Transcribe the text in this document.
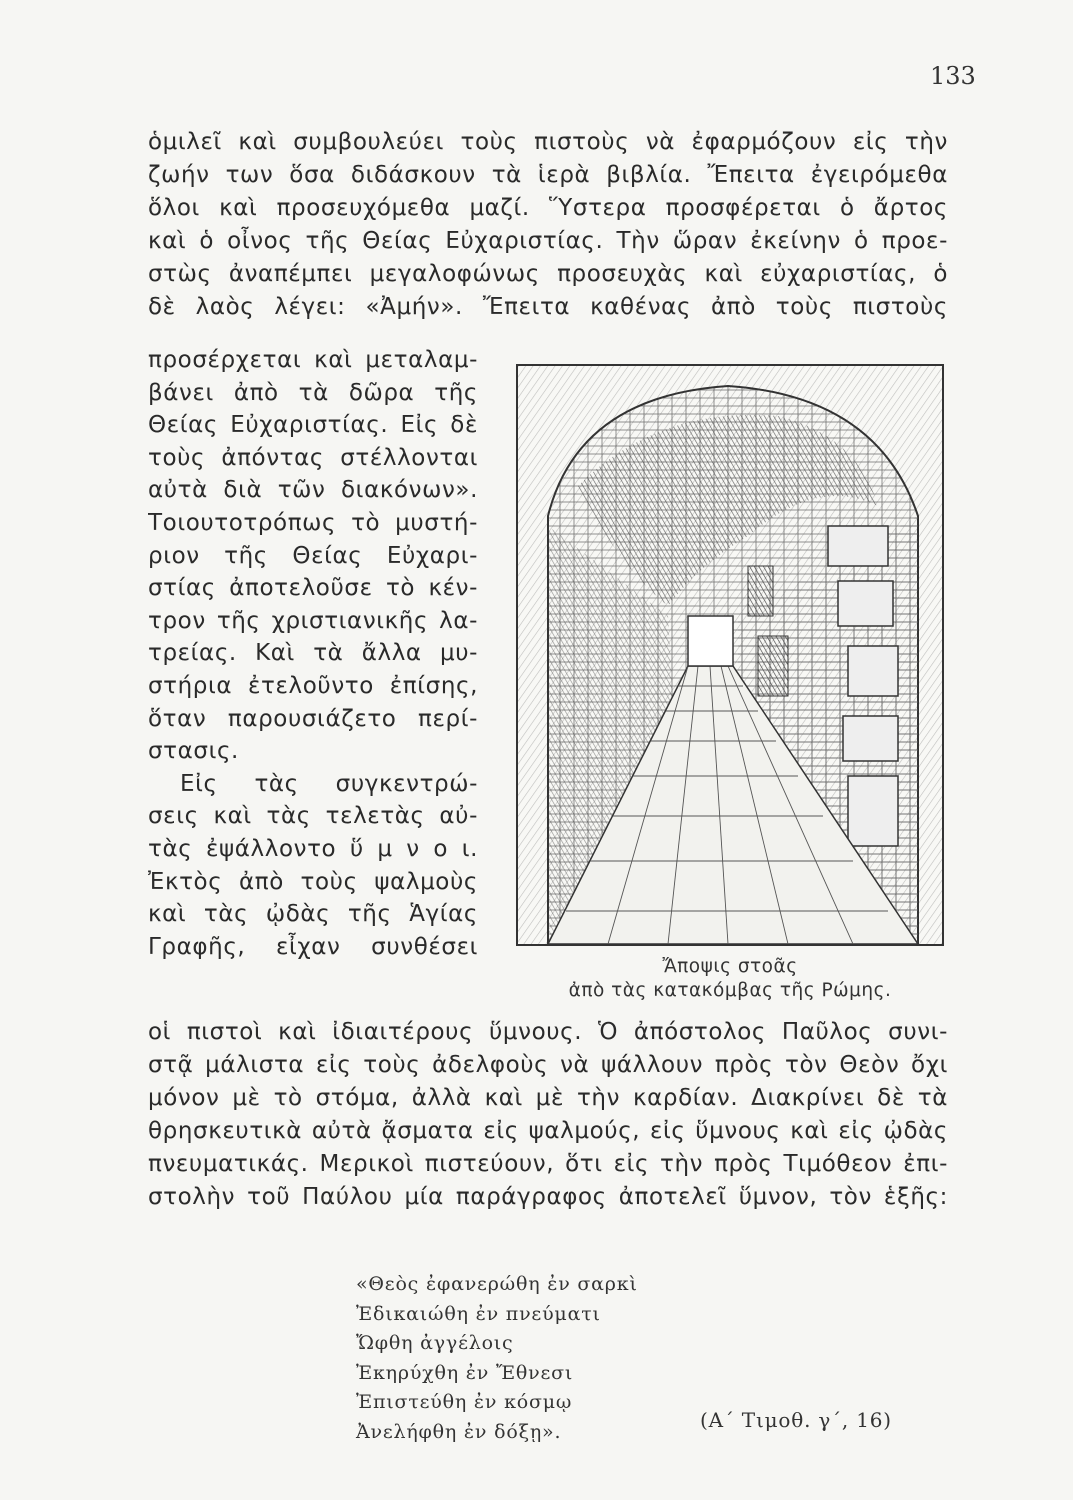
133
ὁμιλεῖ καὶ συμβουλεύει τοὺς πιστοὺς νὰ ἐφαρμόζουν εἰς τὴν
ζωήν των ὅσα διδάσκουν τὰ ἱερὰ βιβλία. Ἔπειτα ἐγειρόμεθα
ὅλοι καὶ προσευχόμεθα μαζί. Ὕστερα προσφέρεται ὁ ἄρτος
καὶ ὁ οἶνος τῆς Θείας Εὐχαριστίας. Τὴν ὥραν ἐκείνην ὁ προε-
στὼς ἀναπέμπει μεγαλοφώνως προσευχὰς καὶ εὐχαριστίας, ὁ
δὲ λαὸς λέγει: «Ἀμήν». Ἔπειτα καθένας ἀπὸ τοὺς πιστοὺς
προσέρχεται καὶ μεταλαμ-
βάνει ἀπὸ τὰ δῶρα τῆς
Θείας Εὐχαριστίας. Εἰς δὲ
τοὺς ἀπόντας στέλλονται
αὐτὰ διὰ τῶν διακόνων».
Τοιουτοτρόπως τὸ μυστή-
ριον τῆς Θείας Εὐχαρι-
στίας ἀποτελοῦσε τὸ κέν-
τρον τῆς χριστιανικῆς λα-
τρείας. Καὶ τὰ ἄλλα μυ-
στήρια ἐτελοῦντο ἐπίσης,
ὅταν παρουσιάζετο περί-
στασις.
Εἰς τὰς συγκεντρώ-
σεις καὶ τὰς τελετὰς αὐ-
τὰς ἐψάλλοντο ὕ μ ν ο ι.
Ἐκτὸς ἀπὸ τοὺς ψαλμοὺς
καὶ τὰς ᾠδὰς τῆς Ἁγίας
Γραφῆς, εἶχαν συνθέσει
Ἄποψις στοᾶς
ἀπὸ τὰς κατακόμβας τῆς Ρώμης.
οἱ πιστοὶ καὶ ἰδιαιτέρους ὕμνους. Ὁ ἀπόστολος Παῦλος συνι-
στᾷ μάλιστα εἰς τοὺς ἀδελφοὺς νὰ ψάλλουν πρὸς τὸν Θεὸν ὄχι
μόνον μὲ τὸ στόμα, ἀλλὰ καὶ μὲ τὴν καρδίαν. Διακρίνει δὲ τὰ
θρησκευτικὰ αὐτὰ ᾄσματα εἰς ψαλμούς, εἰς ὕμνους καὶ εἰς ᾠδὰς
πνευματικάς. Μερικοὶ πιστεύουν, ὅτι εἰς τὴν πρὸς Τιμόθεον ἐπι-
στολὴν τοῦ Παύλου μία παράγραφος ἀποτελεῖ ὕμνον, τὸν ἑξῆς:
«Θεὸς ἐφανερώθη ἐν σαρκὶ
Ἐδικαιώθη ἐν πνεύματι
Ὤφθη ἀγγέλοις
Ἐκηρύχθη ἐν Ἔθνεσι
Ἐπιστεύθη ἐν κόσμῳ
Ἀνελήφθη ἐν δόξῃ».	(Α΄ Τιμοθ. γ΄, 16)
